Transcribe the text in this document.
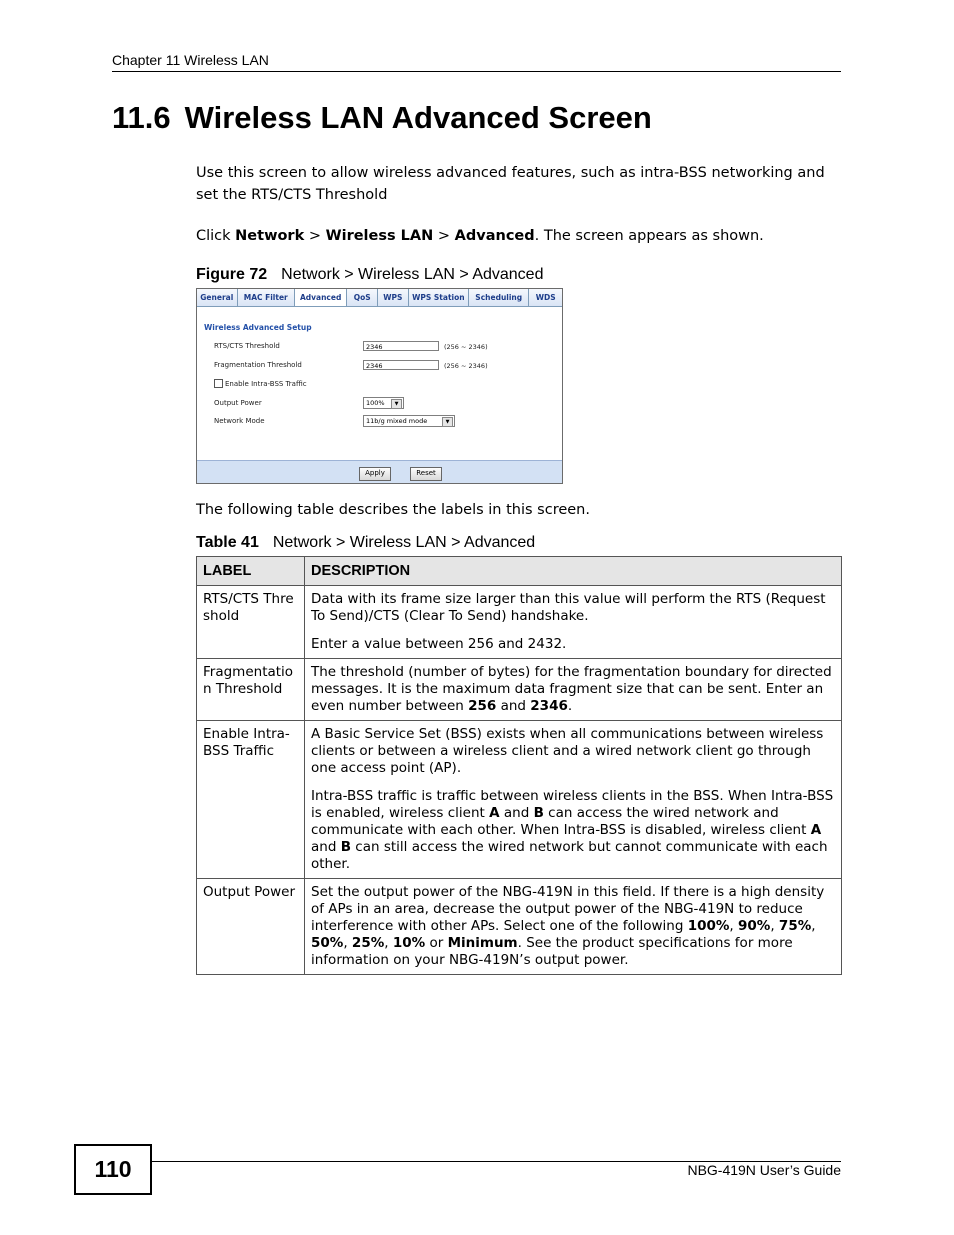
Chapter 11 Wireless LAN
11.6 Wireless LAN Advanced Screen

Use this screen to allow wireless advanced features, such as intra-BSS networking and set the RTS/CTS Threshold

Click Network > Wireless LAN > Advanced. The screen appears as shown.

Figure 72 Network > Wireless LAN > Advanced
General	MAC Filter	Advanced	QoS	WPS	WPS Station	Scheduling	WDS
Wireless Advanced Setup
RTS/CTS Threshold	2346	(256 ~ 2346)
Fragmentation Threshold	2346	(256 ~ 2346)
Enable Intra-BSS Traffic
Output Power	100%	▼
Network Mode	11b/g mixed mode	▼
Apply	Reset

The following table describes the labels in this screen.

Table 41 Network > Wireless LAN > Advanced
LABEL	DESCRIPTION
RTS/CTS Threshold	Data with its frame size larger than this value will perform the RTS (Request To Send)/CTS (Clear To Send) handshake.

Enter a value between 256 and 2432.

Fragmentation Threshold	The threshold (number of bytes) for the fragmentation boundary for directed messages. It is the maximum data fragment size that can be sent. Enter an even number between 256 and 2346.
Enable Intra-BSS Traffic	A Basic Service Set (BSS) exists when all communications between wireless clients or between a wireless client and a wired network client go through one access point (AP).

Intra-BSS traffic is traffic between wireless clients in the BSS. When Intra-BSS is enabled, wireless client A and B can access the wired network and communicate with each other. When Intra-BSS is disabled, wireless client A and B can still access the wired network but cannot communicate with each other.

Output Power	Set the output power of the NBG-419N in this field. If there is a high density of APs in an area, decrease the output power of the NBG-419N to reduce interference with other APs. Select one of the following 100%, 90%, 75%, 50%, 25%, 10% or Minimum. See the product specifications for more information on your NBG-419N’s output power.
110	NBG-419N User’s Guide
